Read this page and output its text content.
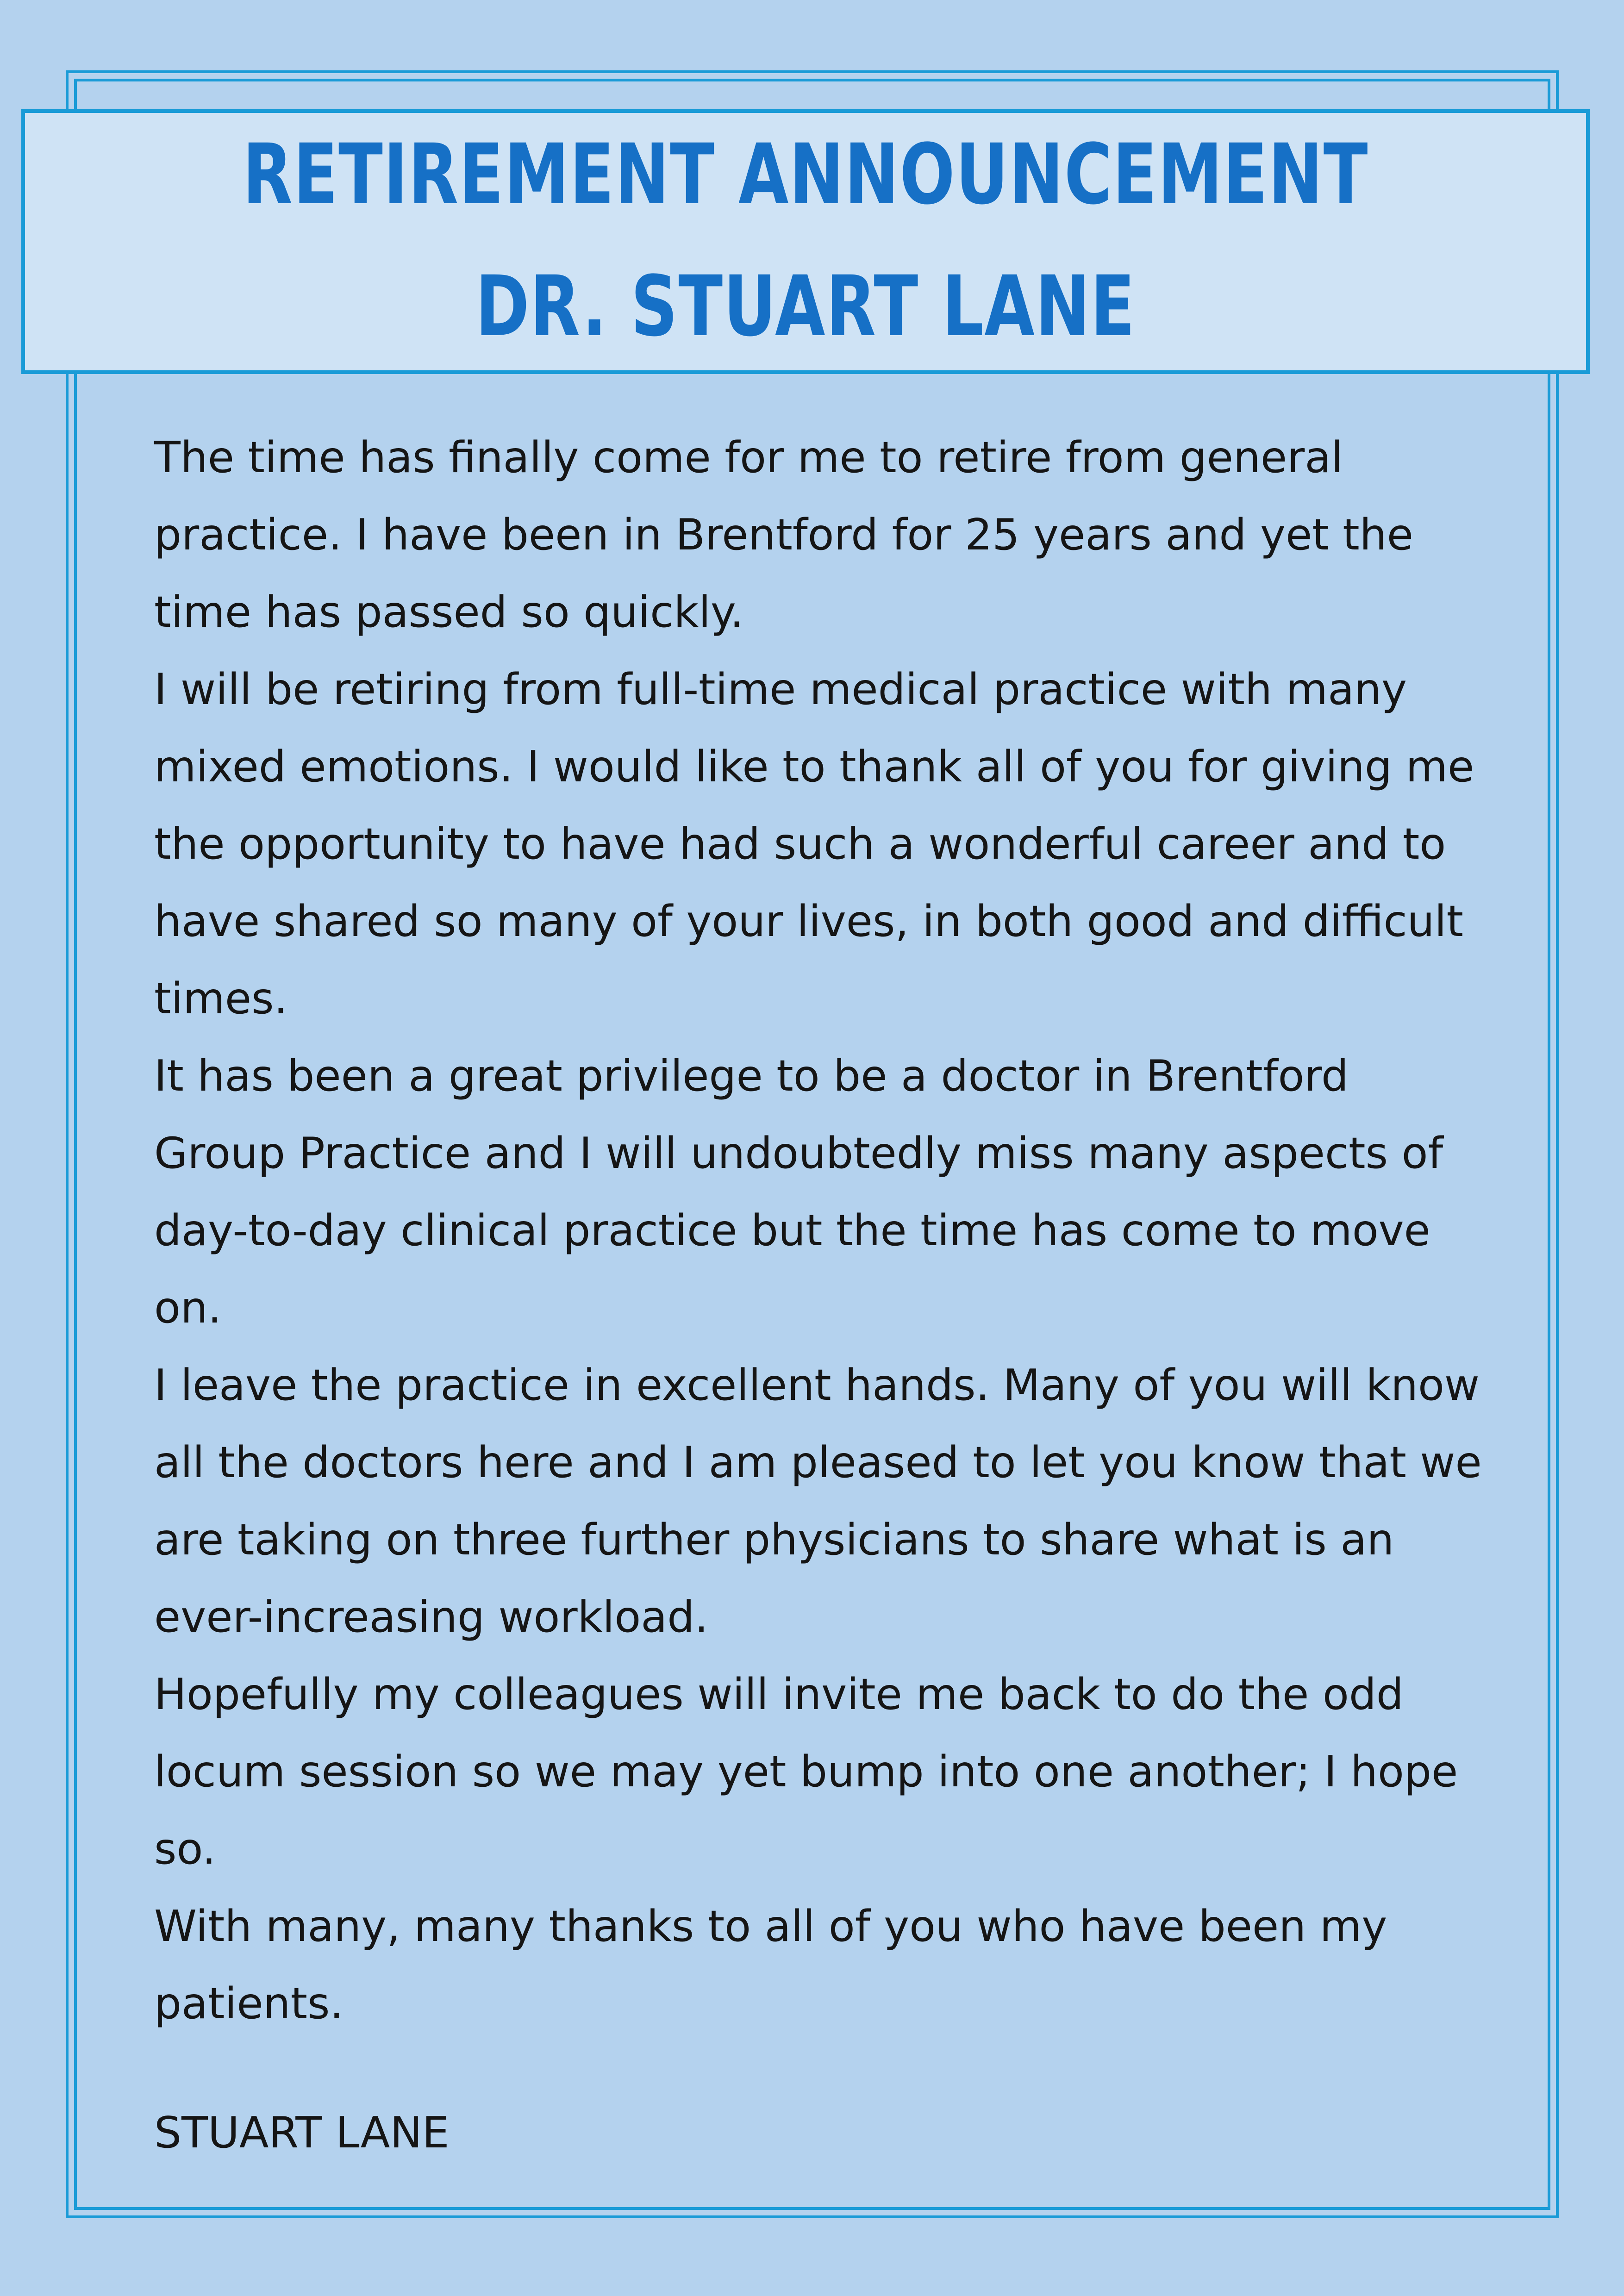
RETIREMENT ANNOUNCEMENT
DR. STUART LANE

The time has finally come for me to retire from general practice. I have been in Brentford for 25 years and yet the time has passed so quickly.

I will be retiring from full-time medical practice with many mixed emotions. I would like to thank all of you for giving me the opportunity to have had such a wonderful career and to have shared so many of your lives, in both good and difficult times.

It has been a great privilege to be a doctor in Brentford Group Practice and I will undoubtedly miss many aspects of day-to-day clinical practice but the time has come to move on.

I leave the practice in excellent hands. Many of you will know all the doctors here and I am pleased to let you know that we are taking on three further physicians to share what is an ever-increasing workload.

Hopefully my colleagues will invite me back to do the odd locum session so we may yet bump into one another; I hope so.

With many, many thanks to all of you who have been my patients.

STUART LANE
